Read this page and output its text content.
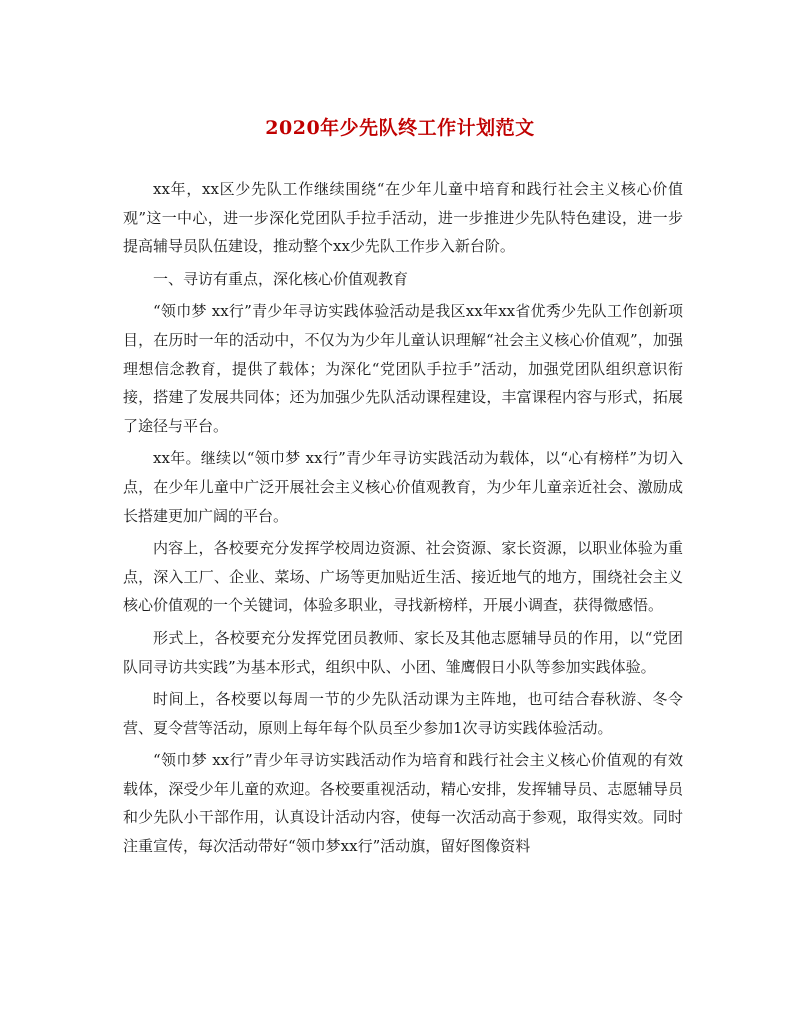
2020年少先队终工作计划范文

xx年，xx区少先队工作继续围绕“在少年儿童中培育和践行社会主义核心价值观”这一中心，进一步深化党团队手拉手活动，进一步推进少先队特色建设，进一步提高辅导员队伍建设，推动整个xx少先队工作步入新台阶。

一、寻访有重点，深化核心价值观教育

“领巾梦 xx行”青少年寻访实践体验活动是我区xx年xx省优秀少先队工作创新项目，在历时一年的活动中，不仅为为少年儿童认识理解“社会主义核心价值观”，加强理想信念教育，提供了载体；为深化“党团队手拉手”活动，加强党团队组织意识衔接，搭建了发展共同体；还为加强少先队活动课程建设，丰富课程内容与形式，拓展了途径与平台。

xx年。继续以“领巾梦 xx行”青少年寻访实践活动为载体，以“心有榜样”为切入点，在少年儿童中广泛开展社会主义核心价值观教育，为少年儿童亲近社会、激励成长搭建更加广阔的平台。

内容上，各校要充分发挥学校周边资源、社会资源、家长资源，以职业体验为重点，深入工厂、企业、菜场、广场等更加贴近生活、接近地气的地方，围绕社会主义核心价值观的一个关键词，体验多职业，寻找新榜样，开展小调查，获得微感悟。

形式上，各校要充分发挥党团员教师、家长及其他志愿辅导员的作用，以“党团队同寻访共实践”为基本形式，组织中队、小团、雏鹰假日小队等参加实践体验。

时间上，各校要以每周一节的少先队活动课为主阵地，也可结合春秋游、冬令营、夏令营等活动，原则上每年每个队员至少参加1次寻访实践体验活动。

“领巾梦 xx行”青少年寻访实践活动作为培育和践行社会主义核心价值观的有效载体，深受少年儿童的欢迎。各校要重视活动，精心安排，发挥辅导员、志愿辅导员和少先队小干部作用，认真设计活动内容，使每一次活动高于参观，取得实效。同时注重宣传，每次活动带好“领巾梦xx行”活动旗，留好图像资料
